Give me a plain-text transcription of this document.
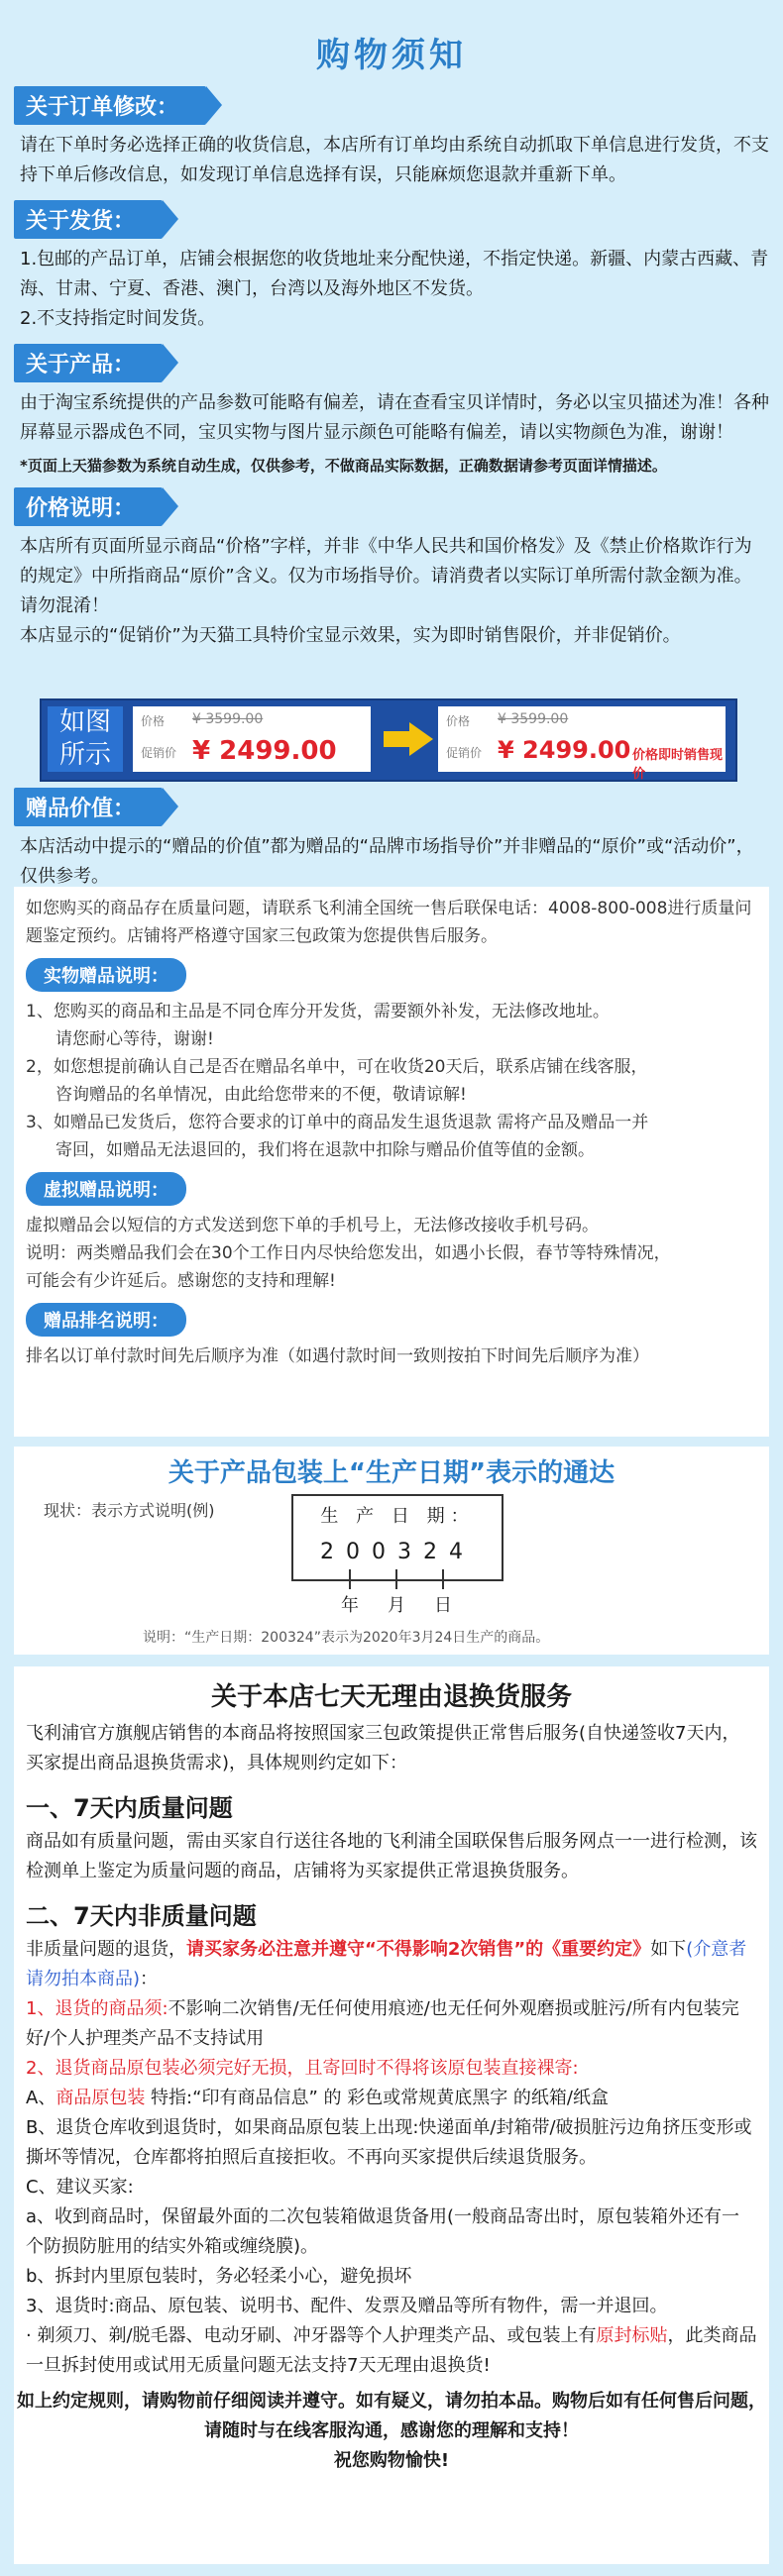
购物须知
关于订单修改：
请在下单时务必选择正确的收货信息，本店所有订单均由系统自动抓取下单信息进行发货，不支持下单后修改信息，如发现订单信息选择有误，只能麻烦您退款并重新下单。
关于发货：
1.包邮的产品订单，店铺会根据您的收货地址来分配快递，不指定快递。新疆、内蒙古西藏、青海、甘肃、宁夏、香港、澳门，台湾以及海外地区不发货。
2.不支持指定时间发货。
关于产品：
由于淘宝系统提供的产品参数可能略有偏差，请在查看宝贝详情时，务必以宝贝描述为准！各种屏幕显示器成色不同，宝贝实物与图片显示颜色可能略有偏差，请以实物颜色为准，谢谢！
*页面上天猫参数为系统自动生成，仅供参考，不做商品实际数据，正确数据请参考页面详情描述。
价格说明：
本店所有页面所显示商品“价格”字样，并非《中华人民共和国价格发》及《禁止价格欺诈行为的规定》中所指商品“原价”含义。仅为市场指导价。请消费者以实际订单所需付款金额为准。请勿混淆！
本店显示的“促销价”为天猫工具特价宝显示效果，实为即时销售限价，并非促销价。
赠品价值：
本店活动中提示的“赠品的价值”都为赠品的“品牌市场指导价”并非赠品的“原价”或“活动价”，仅供参考。
如图所示
价格
促销价
¥ 3599.00
¥ 2499.00
价格
促销价
¥ 3599.00
¥ 2499.00 价格即时销售现价
如您购买的商品存在质量问题，请联系飞利浦全国统一售后联保电话：4008-800-008进行质量问题鉴定预约。店铺将严格遵守国家三包政策为您提供售后服务。
实物赠品说明：
1、您购买的商品和主品是不同仓库分开发货，需要额外补发，无法修改地址。
请您耐心等待，谢谢!
2，如您想提前确认自己是否在赠品名单中，可在收货20天后，联系店铺在线客服，
咨询赠品的名单情况，由此给您带来的不便，敬请谅解!
3、如赠品已发货后，您符合要求的订单中的商品发生退货退款 需将产品及赠品一并
寄回，如赠品无法退回的，我们将在退款中扣除与赠品价值等值的金额。
虚拟赠品说明：
虚拟赠品会以短信的方式发送到您下单的手机号上，无法修改接收手机号码。
说明：两类赠品我们会在30个工作日内尽快给您发出，如遇小长假，春节等特殊情况，
可能会有少许延后。感谢您的支持和理解!
赠品排名说明：
排名以订单付款时间先后顺序为准（如遇付款时间一致则按拍下时间先后顺序为准）
关于产品包装上“生产日期”表示的通达
现状：表示方式说明(例)	生 产 日 期：
200324
年 月 日
说明：“生产日期：200324”表示为2020年3月24日生产的商品。
关于本店七天无理由退换货服务
飞利浦官方旗舰店销售的本商品将按照国家三包政策提供正常售后服务(自快递签收7天内，买家提出商品退换货需求)，具体规则约定如下：
一、7天内质量问题
商品如有质量问题，需由买家自行送往各地的飞利浦全国联保售后服务网点一一进行检测，该检测单上鉴定为质量问题的商品，店铺将为买家提供正常退换货服务。
二、7天内非质量问题
非质量问题的退货，请买家务必注意并遵守“不得影响2次销售”的《重要约定》如下(介意者请勿拍本商品)：
1、退货的商品须:不影响二次销售/无任何使用痕迹/也无任何外观磨损或脏污/所有内包装完好/个人护理类产品不支持试用
2、退货商品原包装必须完好无损，且寄回时不得将该原包装直接裸寄:
A、商品原包装 特指:“印有商品信息” 的 彩色或常规黄底黑字 的纸箱/纸盒
B、退货仓库收到退货时，如果商品原包装上出现:快递面单/封箱带/破损脏污边角挤压变形或撕坏等情况，仓库都将拍照后直接拒收。不再向买家提供后续退货服务。
C、建议买家:
a、收到商品时，保留最外面的二次包装箱做退货备用(一般商品寄出时，原包装箱外还有一个防损防脏用的结实外箱或缠绕膜)。
b、拆封内里原包装时，务必轻柔小心，避免损坏
3、退货时:商品、原包装、说明书、配件、发票及赠品等所有物件，需一并退回。
· 剃须刀、剃/脱毛器、电动牙刷、冲牙器等个人护理类产品、或包装上有原封标贴，此类商品一旦拆封使用或试用无质量问题无法支持7天无理由退换货!
如上约定规则，请购物前仔细阅读并遵守。如有疑义，请勿拍本品。购物后如有任何售后问题，请随时与在线客服沟通，感谢您的理解和支持！
祝您购物愉快!
